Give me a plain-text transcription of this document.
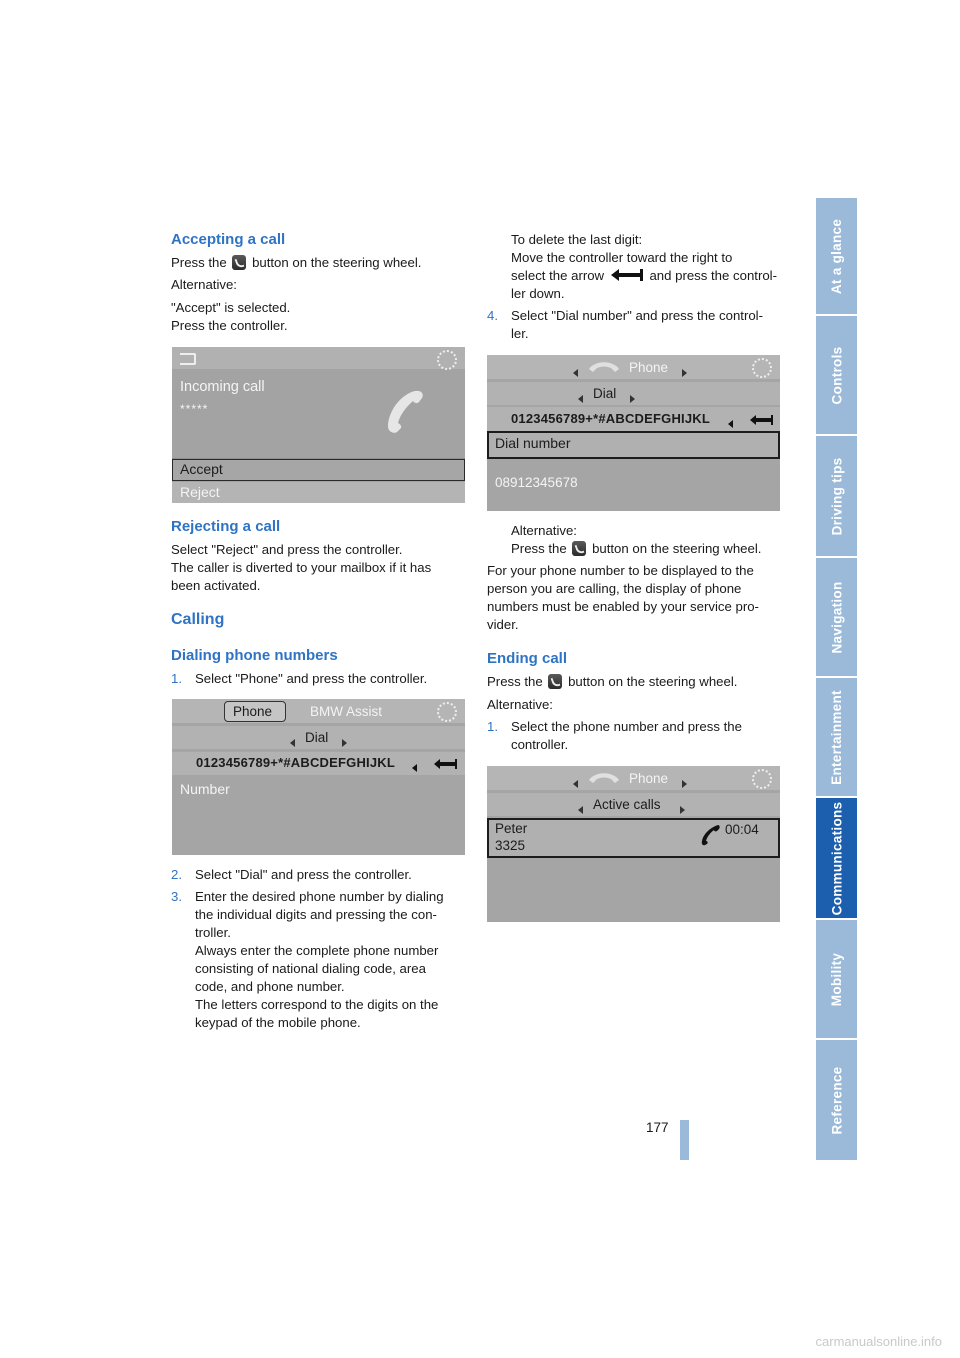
At a glance
Controls
Driving tips
Navigation
Entertainment
Communications
Mobility
Reference
Accepting a call
Press the button on the steering wheel.
Alternative:
"Accept" is selected.
Press the controller.
Incoming call
*****
Accept
Reject
Rejecting a call
Select "Reject" and press the controller.
The caller is diverted to your mailbox if it has
been activated.
Calling
Dialing phone numbers
1. Select "Phone" and press the controller.
Phone	BMW Assist
Dial
0123456789+*#ABCDEFGHIJKL
Number
2. Select "Dial" and press the controller.
3. Enter the desired phone number by dialing
the individual digits and pressing the con-
troller.
Always enter the complete phone number
consisting of national dialing code, area
code, and phone number.
The letters correspond to the digits on the
keypad of the mobile phone.
To delete the last digit:
Move the controller toward the right to
select the arrow	and press the control-
ler down.
4. Select "Dial number" and press the control-
ler.
Phone
Dial
0123456789+*#ABCDEFGHIJKL
Dial number
08912345678
Alternative:
Press the button on the steering wheel.
For your phone number to be displayed to the
person you are calling, the display of phone
numbers must be enabled by your service pro-
vider.
Ending call
Press the button on the steering wheel.
Alternative:
1. Select the phone number and press the
controller.
Phone
Active calls
Peter
3325
00:04
177
carmanualsonline.info
